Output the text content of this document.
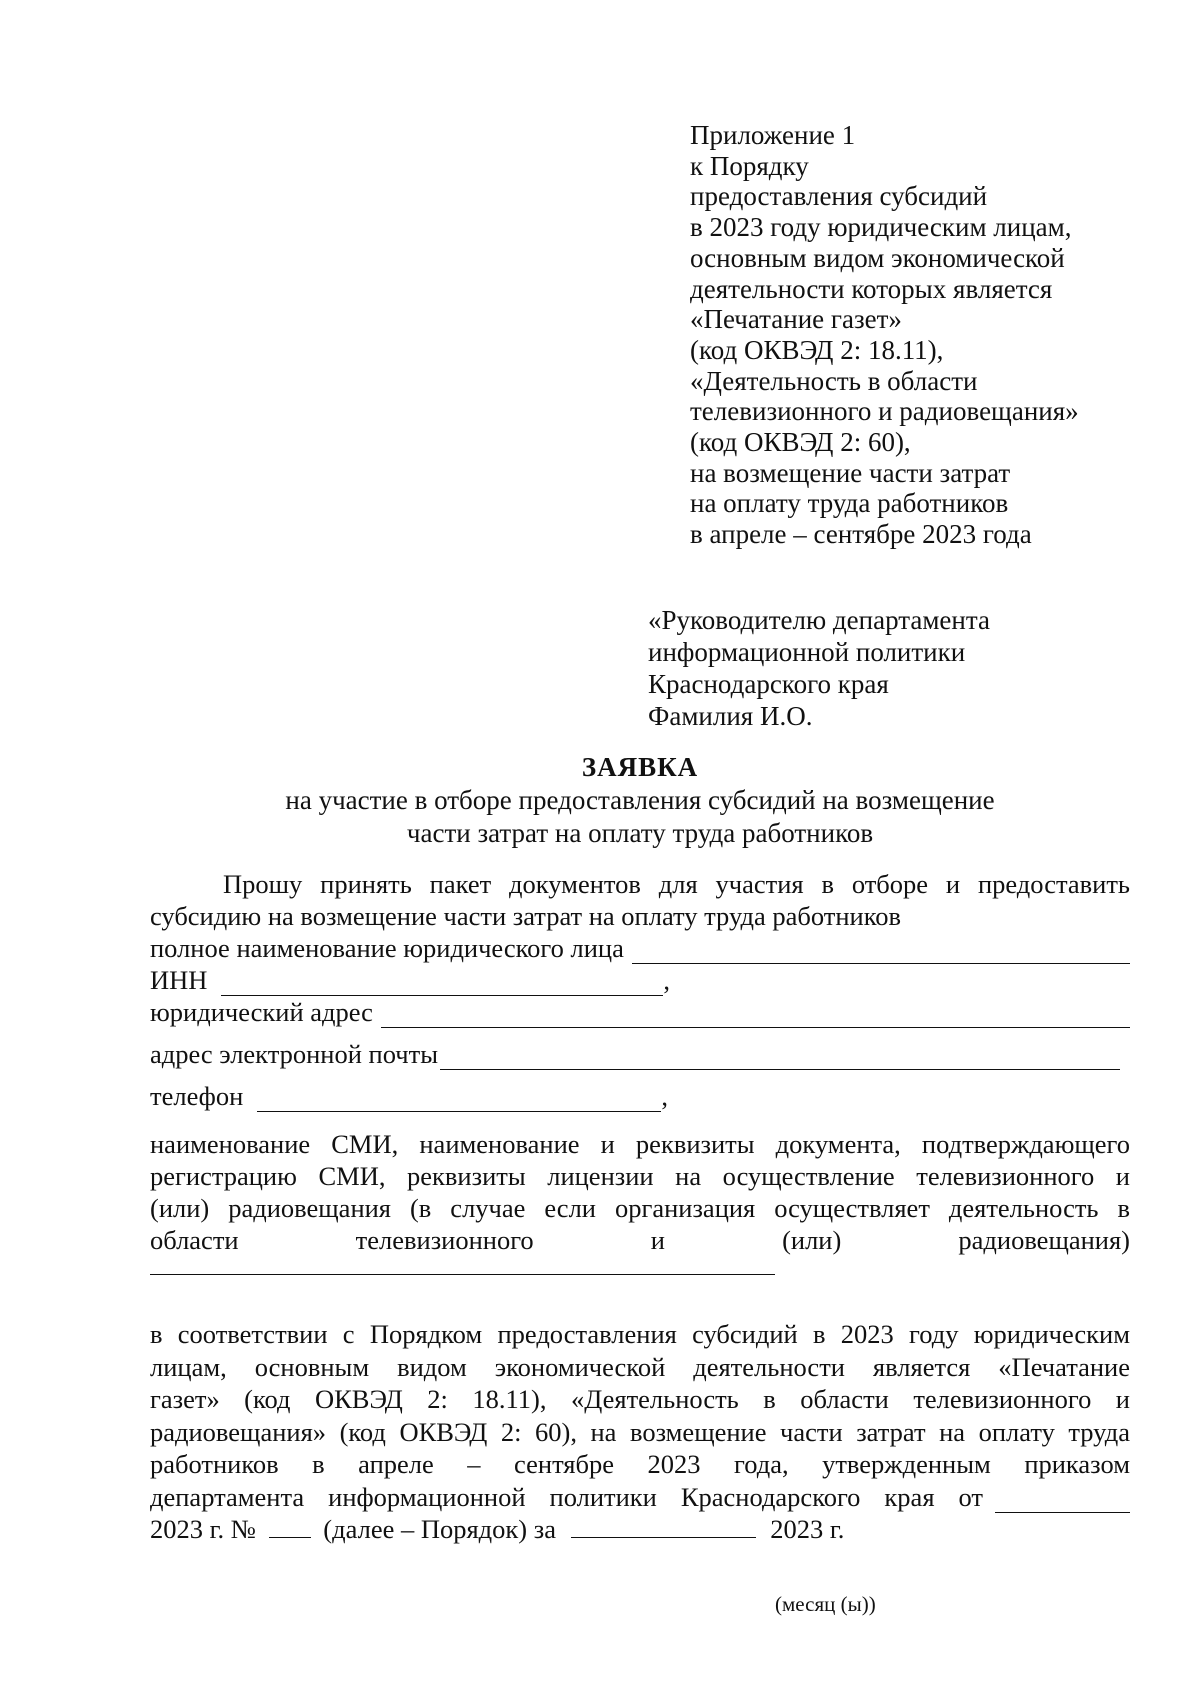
Приложение 1
к Порядку
предоставления субсидий
в 2023 году юридическим лицам,
основным видом экономической
деятельности которых является
«Печатание газет»
(код ОКВЭД 2: 18.11),
«Деятельность в области
телевизионного и радиовещания»
(код ОКВЭД 2: 60),
на возмещение части затрат
на оплату труда работников
в апреле – сентябре 2023 года
«Руководителю департамента
информационной политики
Краснодарского края
Фамилия И.О.
ЗАЯВКА
на участие в отборе предоставления субсидий на возмещение
части затрат на оплату труда работников
Прошу принять пакет документов для участия в отборе и предоставить
субсидию на возмещение части затрат на оплату труда работников
полное наименование юридического лица
ИНН	,
юридический адрес
адрес электронной почты
телефон	,
наименование СМИ, наименование и реквизиты документа, подтверждающего
регистрацию СМИ, реквизиты лицензии на осуществление телевизионного и
(или) радиовещания (в случае если организация осуществляет деятельность в
области телевизионного и (или) радиовещания)
в соответствии с Порядком предоставления субсидий в 2023 году юридическим
лицам, основным видом экономической деятельности является «Печатание
газет» (код ОКВЭД 2: 18.11), «Деятельность в области телевизионного и
радиовещания» (код ОКВЭД 2: 60), на возмещение части затрат на оплату труда
работников в апреле – сентябре 2023 года, утвержденным приказом
департамента информационной политики Краснодарского края от
2023 г. №	(далее – Порядок) за	2023 г.
(месяц (ы))
